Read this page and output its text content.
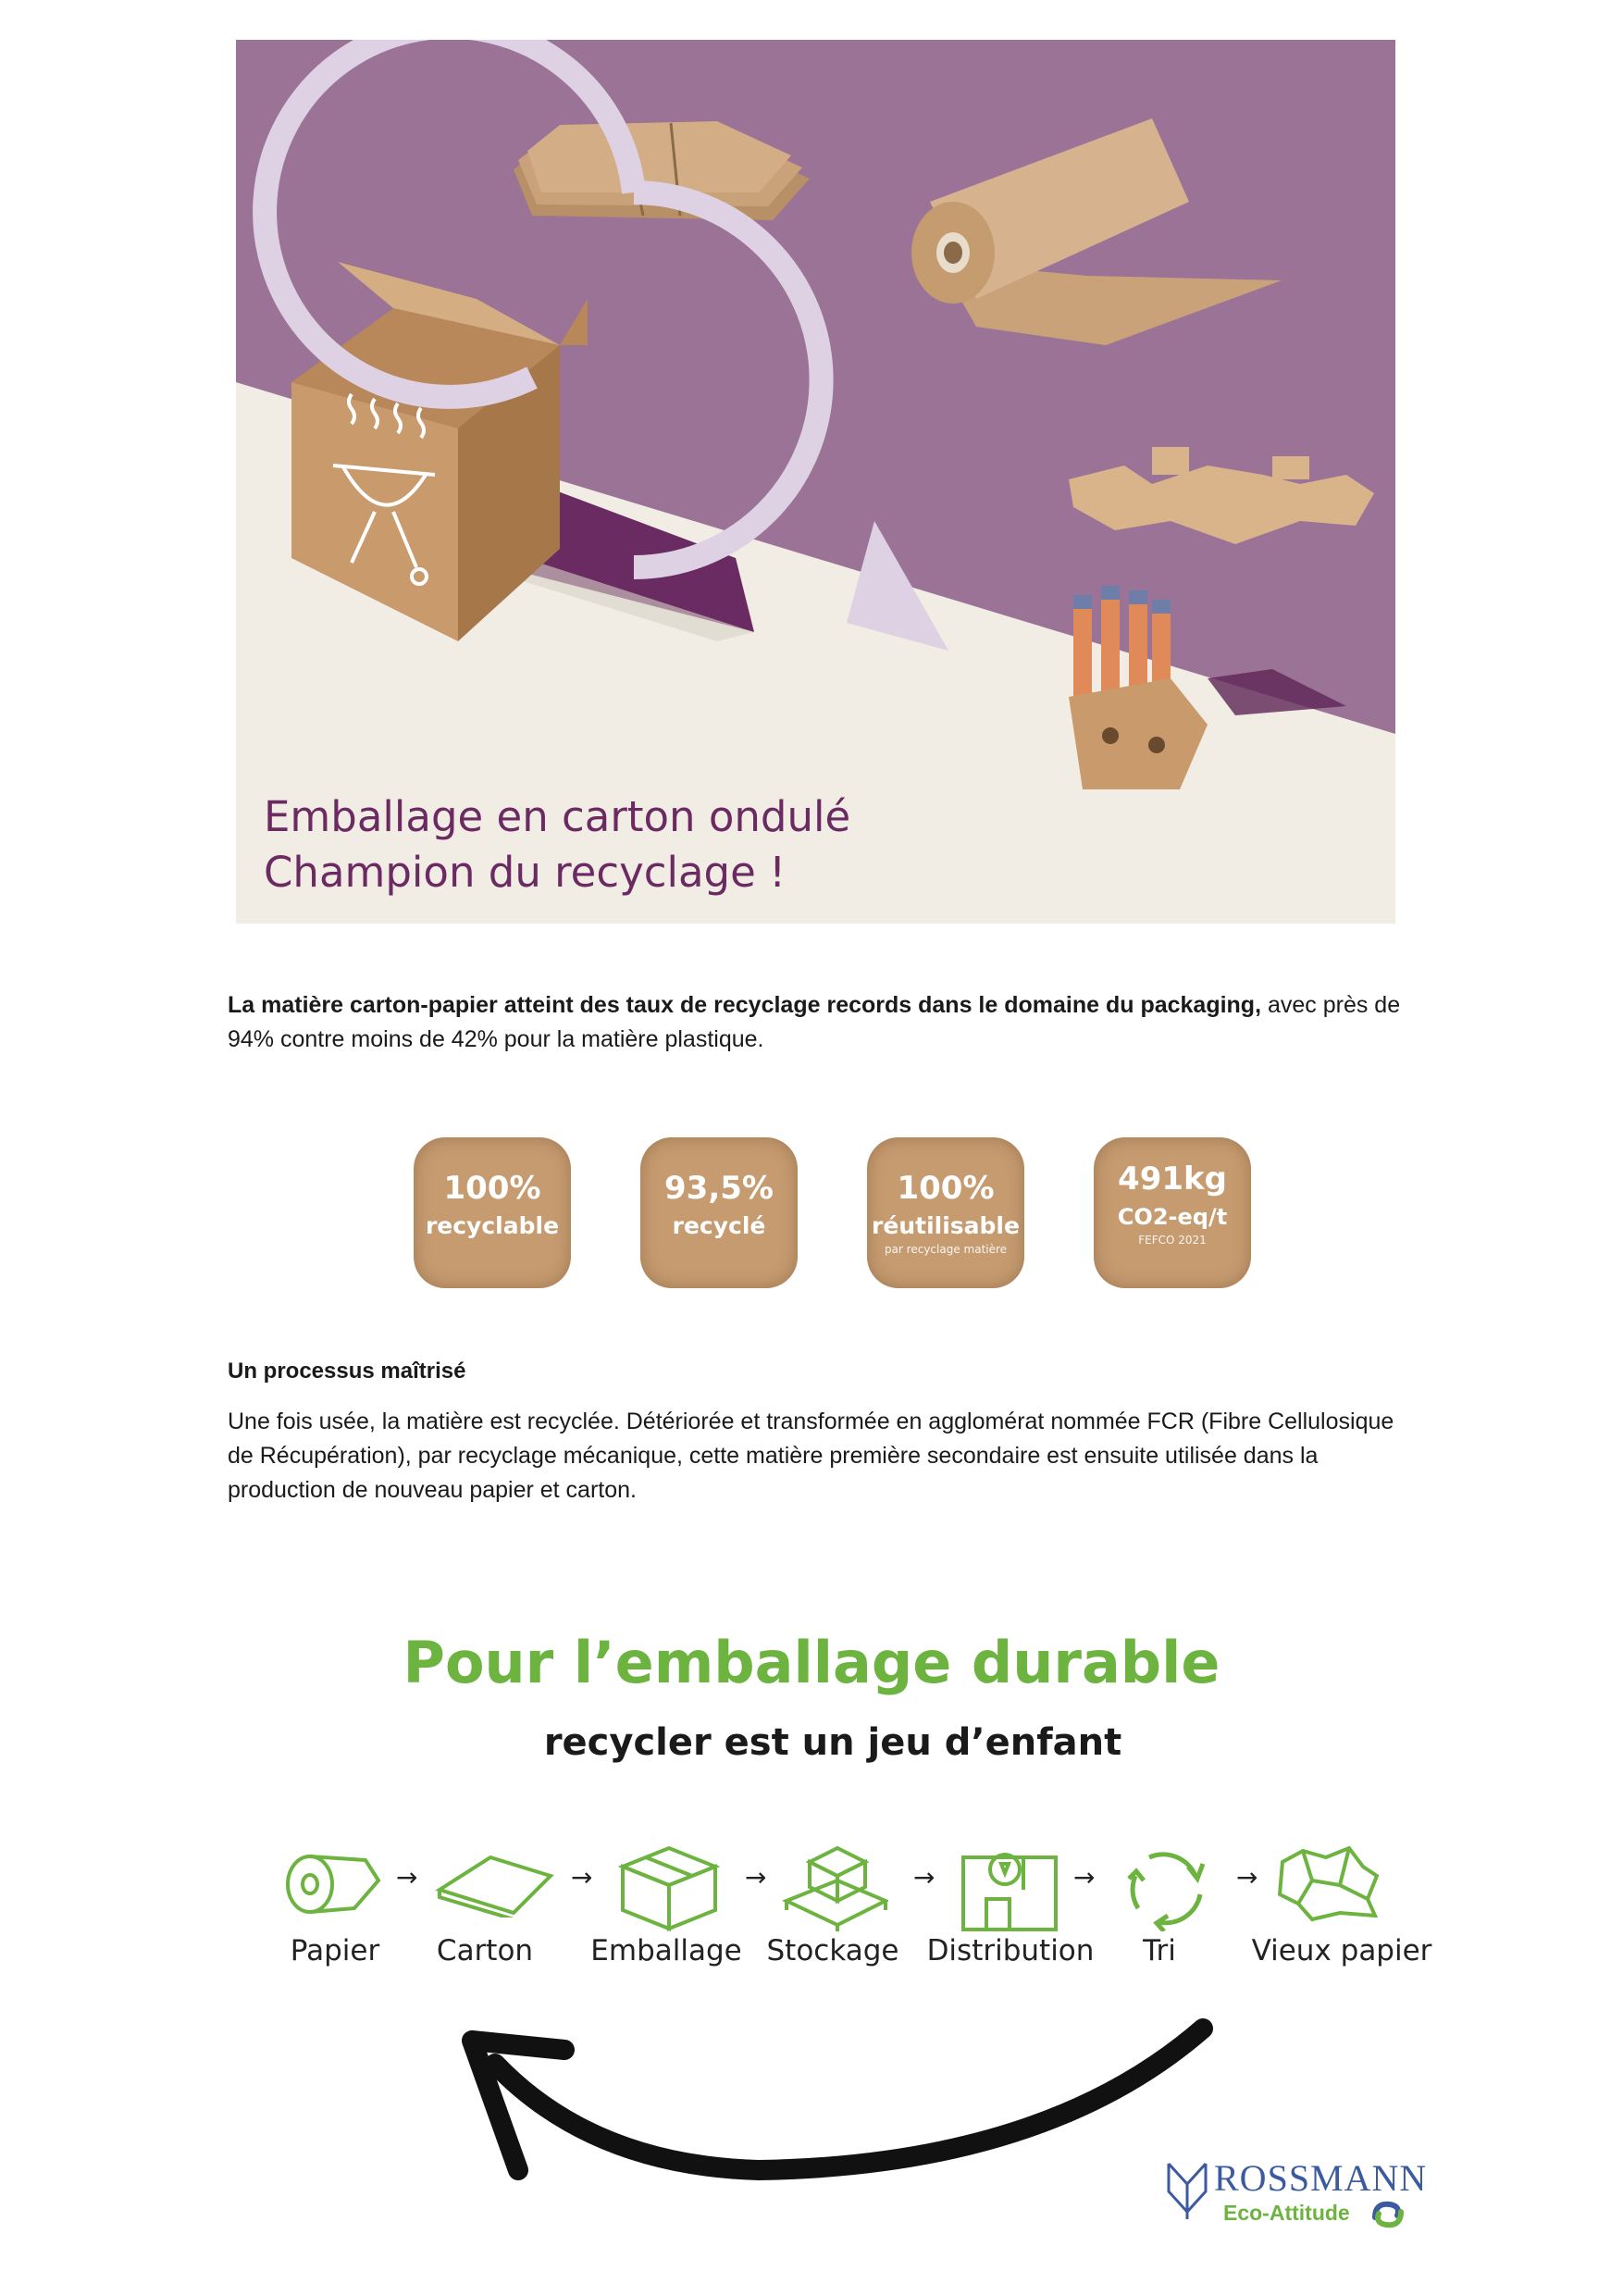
Emballage en carton ondulé
Champion du recyclage !

La matière carton-papier atteint des taux de recyclage records dans le domaine du packaging, avec près de 94% contre moins de 42% pour la matière plastique.

100%
recyclable
93,5%
recyclé
100%
réutilisable
par recyclage matière
491kg
CO2-eq/t
FEFCO 2021
Un processus maîtrisé

Une fois usée, la matière est recyclée. Détériorée et transformée en agglomérat nommée FCR (Fibre Cellulosique de Récupération), par recyclage mécanique, cette matière première secondaire est ensuite utilisée dans la production de nouveau papier et carton.

Pour l’emballage durable
recycler est un jeu d’enfant
→	→	→	→	→	→
Papier	Carton	Emballage Stockage Distribution	Tri	Vieux papier
ROSSMANN
Eco-Attitude
